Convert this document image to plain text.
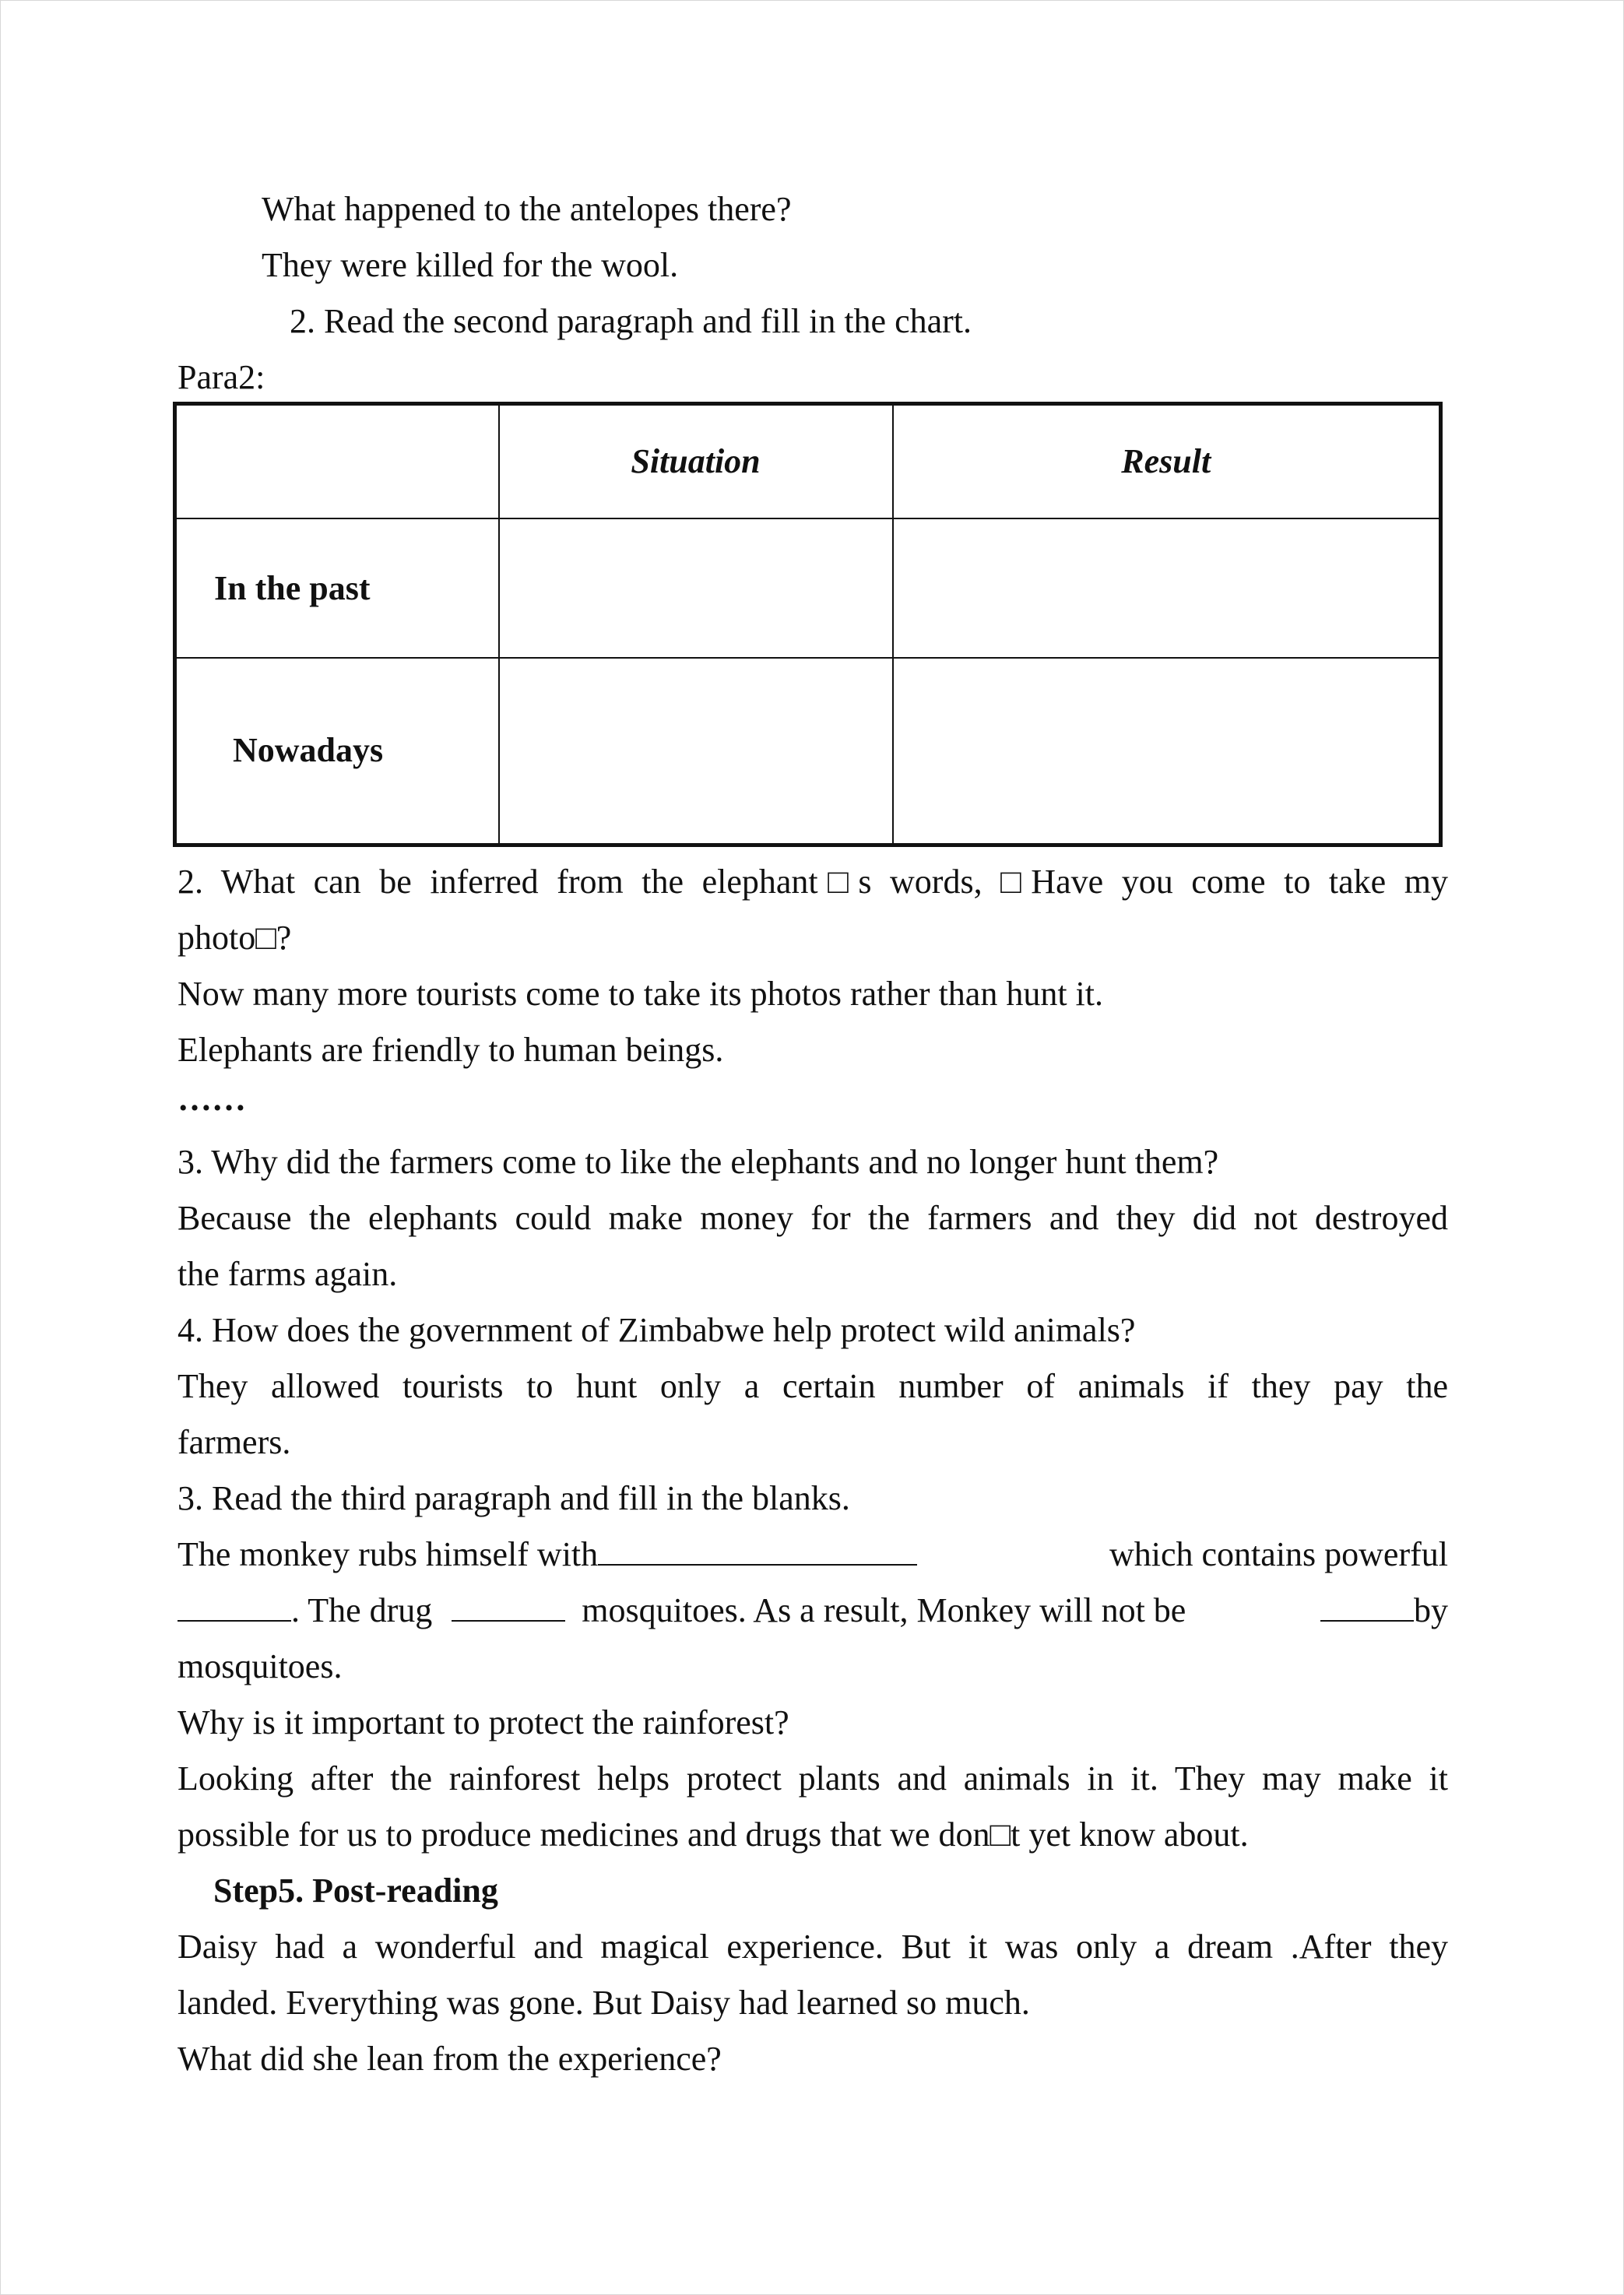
What happened to the antelopes there?
They were killed for the wool.
2. Read the second paragraph and fill in the chart.
Para2:
	Situation	Result
In the past		
Nowadays		
2. What can be inferred from the elephant□s words, □Have you come to take my
photo□?
Now many more tourists come to take its photos rather than hunt it.
Elephants are friendly to human beings.
……
3. Why did the farmers come to like the elephants and no longer hunt them?
Because the elephants could make money for the farmers and they did not destroyed
the farms again.
4. How does the government of Zimbabwe help protect wild animals?
They allowed tourists to hunt only a certain number of animals if they pay the
farmers.
3. Read the third paragraph and fill in the blanks.
The monkey rubs himself with	which contains powerful
. The drug	mosquitoes. As a result, Monkey will not be	by
mosquitoes.
Why is it important to protect the rainforest?
Looking after the rainforest helps protect plants and animals in it. They may make it
possible for us to produce medicines and drugs that we don□t yet know about.
Step5. Post-reading
Daisy had a wonderful and magical experience. But it was only a dream .After they
landed. Everything was gone. But Daisy had learned so much.
What did she lean from the experience?
